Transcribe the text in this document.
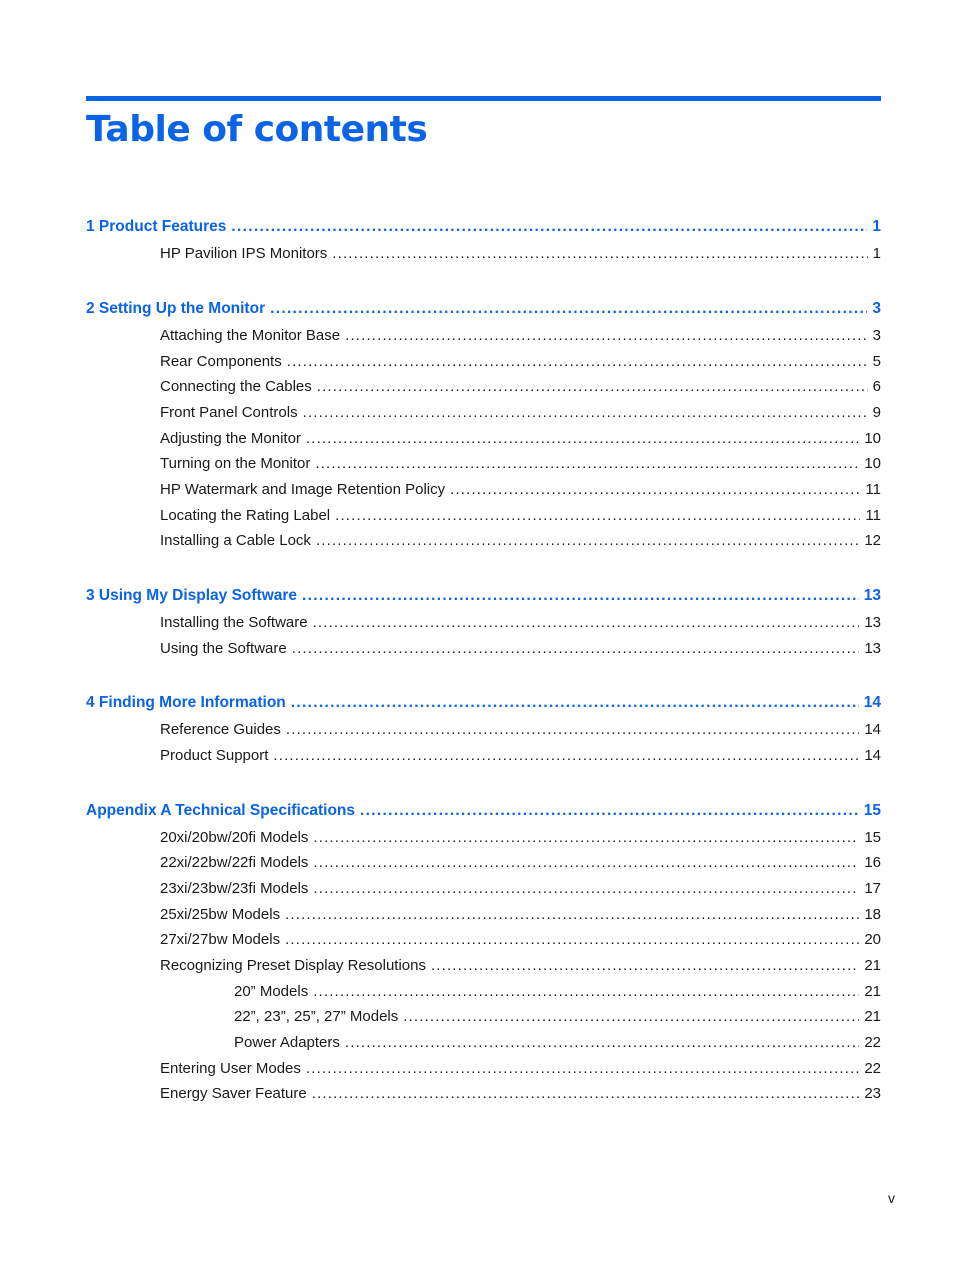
Table of contents
1 Product Features . . .	1
HP Pavilion IPS Monitors . . .	1
2 Setting Up the Monitor . . .	3
Attaching the Monitor Base . . .	3
Rear Components . . .	5
Connecting the Cables . . .	6
Front Panel Controls . . .	9
Adjusting the Monitor . . .	10
Turning on the Monitor . . .	10
HP Watermark and Image Retention Policy . . .	11
Locating the Rating Label . . .	11
Installing a Cable Lock . . .	12
3 Using My Display Software . . .	13
Installing the Software . . .	13
Using the Software . . .	13
4 Finding More Information . . .	14
Reference Guides . . .	14
Product Support . . .	14
Appendix A Technical Specifications . . .	15
20xi/20bw/20fi Models . . .	15
22xi/22bw/22fi Models . . .	16
23xi/23bw/23fi Models . . .	17
25xi/25bw Models . . .	18
27xi/27bw Models . . .	20
Recognizing Preset Display Resolutions . . .	21
20” Models . . .	21
22”, 23”, 25”, 27” Models . . .	21
Power Adapters . . .	22
Entering User Modes . . .	22
Energy Saver Feature . . .	23
v
